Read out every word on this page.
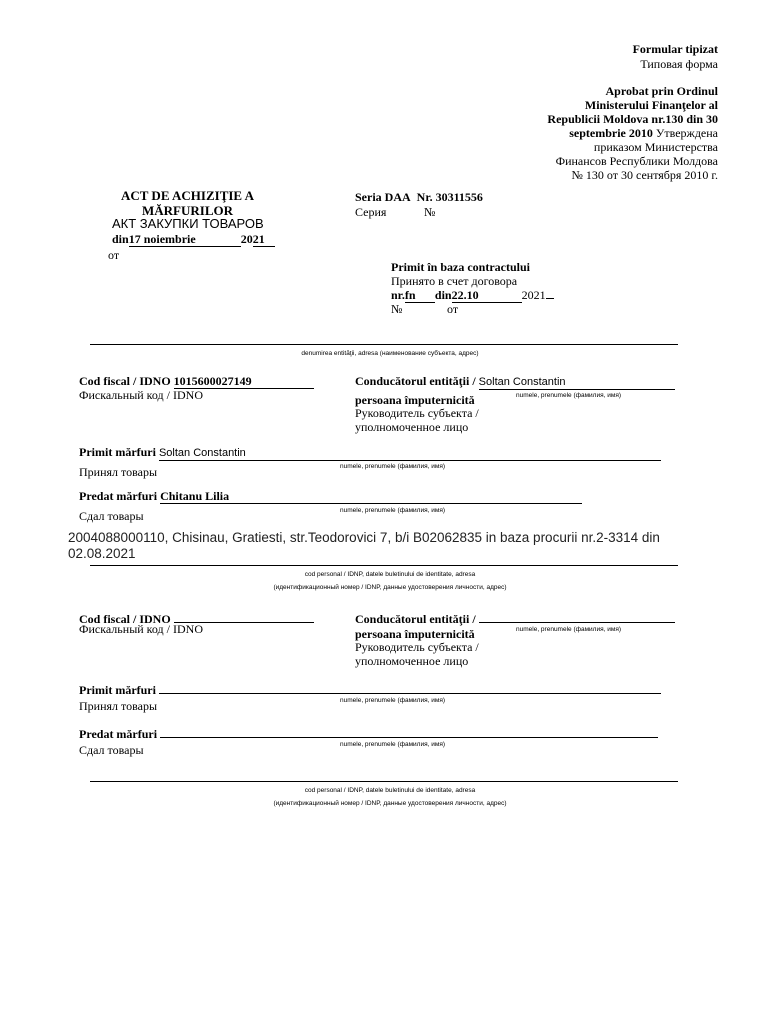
Formular tipizat
Типовая форма
Aprobat prin Ordinul
Ministerului Finanţelor al
Republicii Moldova nr.130 din 30
septembrie 2010 Утверждена
приказом Министерства
Финансов Республики Молдова
№ 130 от 30 сентября 2010 г.
ACT DE ACHIZIŢIE A
MĂRFURILOR
АКТ ЗАКУПКИ ТОВАРОВ
din17 noiembrie	2021
от
Seria DAA Nr. 30311556
Серия	№
Primit în baza contractului
Принято в счет договора
nr.fn din22.10	2021
№	от
denumirea entităţii, adresa (наименование субъекта, адрес)
Cod fiscal / IDNO 1015600027149
Фискальный код / IDNO
Conducătorul entităţii / Soltan Constantin
numele, prenumele (фамилия, имя)
persoana împuternicită
Руководитель субъекта /
уполномоченное лицо
Primit mărfuri Soltan Constantin
numele, prenumele (фамилия, имя)
Принял товары
Predat mărfuri Chitanu Lilia
numele, prenumele (фамилия, имя)
Сдал товары
2004088000110, Chisinau, Gratiesti, str.Teodorovici 7, b/i B02062835 in baza procurii nr.2-3314 din 02.08.2021
cod personal / IDNP, datele buletinului de identitate, adresa
(идентификационный номер / IDNP, данные удостоверения личности, адрес)
Cod fiscal / IDNO
Фискальный код / IDNO
Conducătorul entităţii /
numele, prenumele (фамилия, имя)
persoana împuternicită
Руководитель субъекта /
уполномоченное лицо
Primit mărfuri
numele, prenumele (фамилия, имя)
Принял товары
Predat mărfuri
numele, prenumele (фамилия, имя)
Сдал товары
cod personal / IDNP, datele buletinului de identitate, adresa
(идентификационный номер / IDNP, данные удостоверения личности, адрес)
